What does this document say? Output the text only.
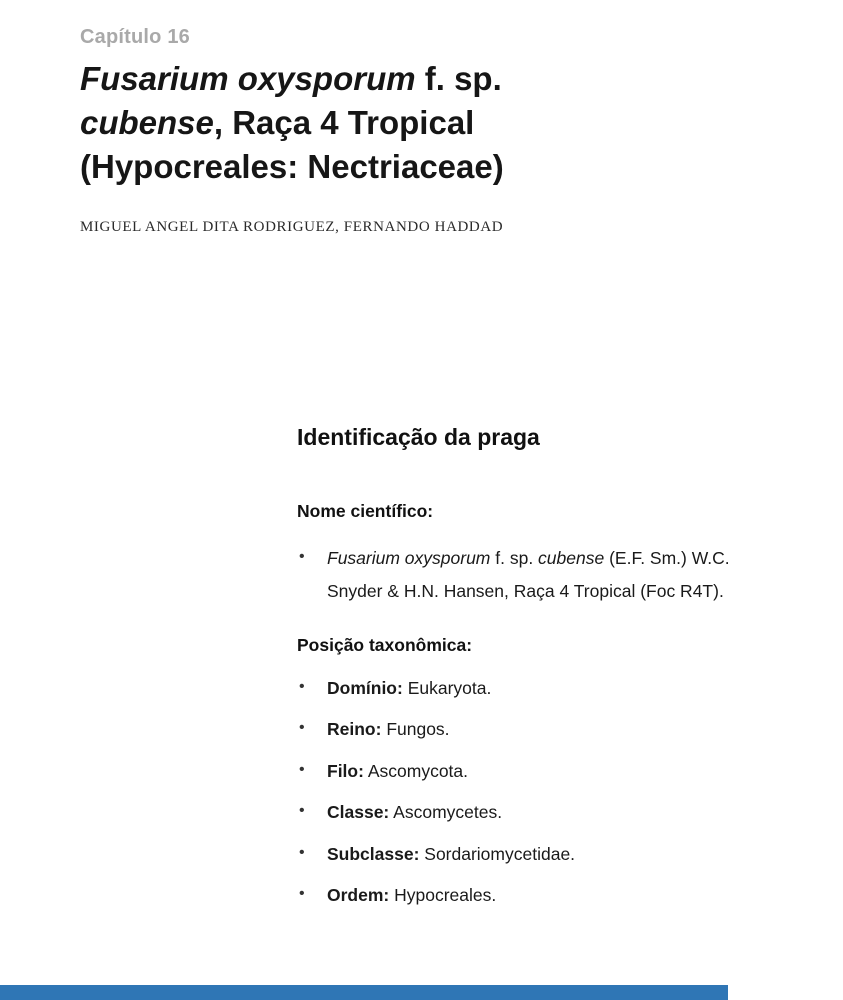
Capítulo 16
Fusarium oxysporum f. sp. cubense, Raça 4 Tropical (Hypocreales: Nectriaceae)
MIGUEL ANGEL DITA RODRIGUEZ, FERNANDO HADDAD
Identificação da praga
Nome científico:
• Fusarium oxysporum f. sp. cubense (E.F. Sm.) W.C. Snyder & H.N. Hansen, Raça 4 Tropical (Foc R4T).
Posição taxonômica:
• Domínio: Eukaryota.
• Reino: Fungos.
• Filo: Ascomycota.
• Classe: Ascomycetes.
• Subclasse: Sordariomycetidae.
• Ordem: Hypocreales.
